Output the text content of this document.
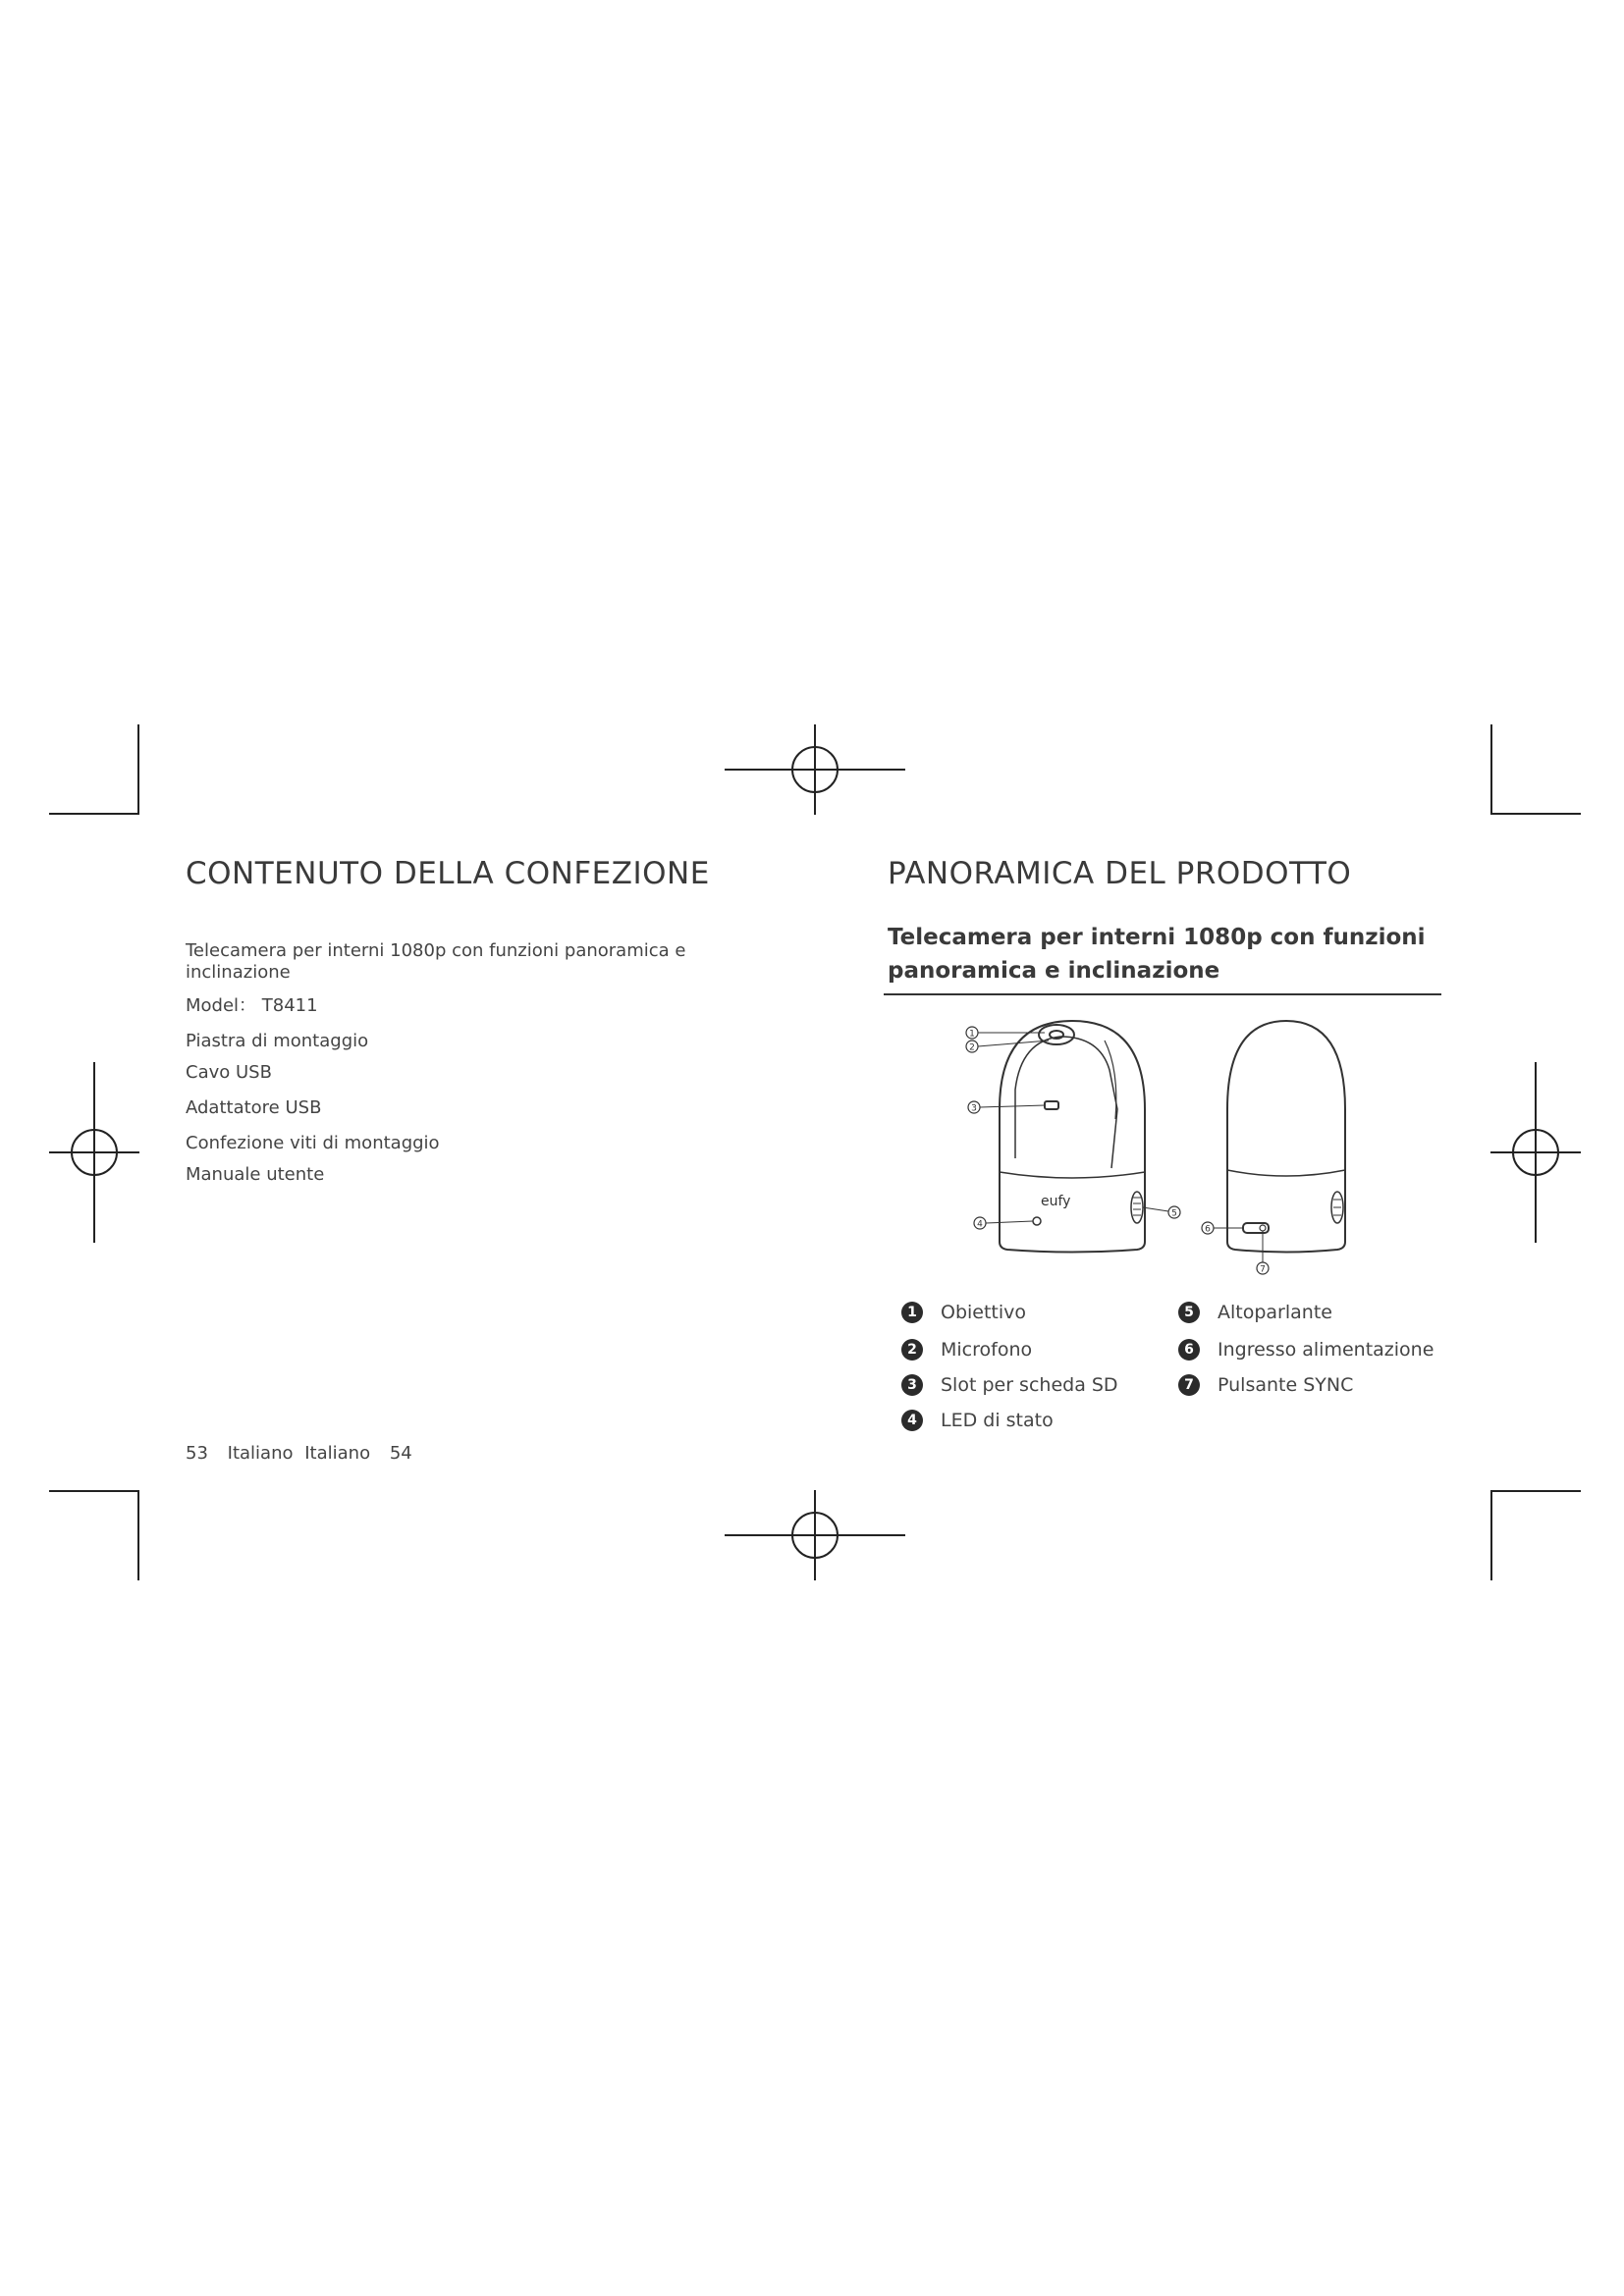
CONTENUTO DELLA CONFEZIONE
Telecamera per interni 1080p con funzioni panoramica e inclinazione
Model： T8411
Piastra di montaggio
Cavo USB
Adattatore USB
Confezione viti di montaggio
Manuale utente
PANORAMICA DEL PRODOTTO
Telecamera per interni 1080p con funzioni panoramica e inclinazione
1
2
3
4
5
6
7
eufy
1	Obiettivo
2	Microfono
3	Slot per scheda SD
4	LED di stato
5	Altoparlante
6	Ingresso alimentazione
7	Pulsante SYNC
53 Italiano Italiano 54
